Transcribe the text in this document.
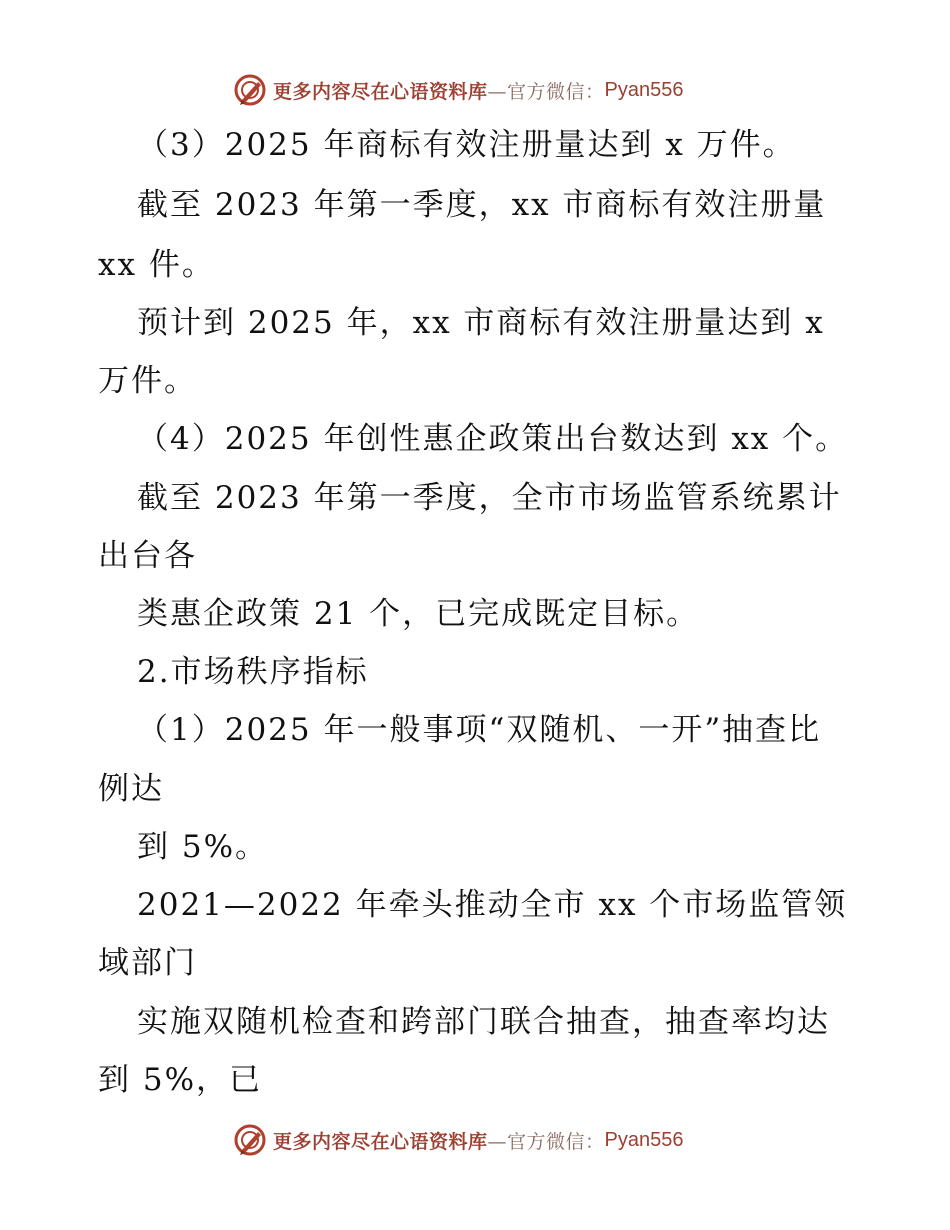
更多内容尽在心语资料库 —官方微信： Pyan556
（3）2025 年商标有效注册量达到 x 万件。
截至 2023 年第一季度，xx 市商标有效注册量
xx 件。
预计到 2025 年，xx 市商标有效注册量达到 x
万件。
（4）2025 年创性惠企政策出台数达到 xx 个。
截至 2023 年第一季度，全市市场监管系统累计
出台各
类惠企政策 21 个，已完成既定目标。
2.市场秩序指标
（1）2025 年一般事项“双随机、一开”抽查比
例达
到 5%。
2021—2022 年牵头推动全市 xx 个市场监管领
域部门
实施双随机检查和跨部门联合抽查，抽查率均达
到 5%，已
更多内容尽在心语资料库 —官方微信： Pyan556
